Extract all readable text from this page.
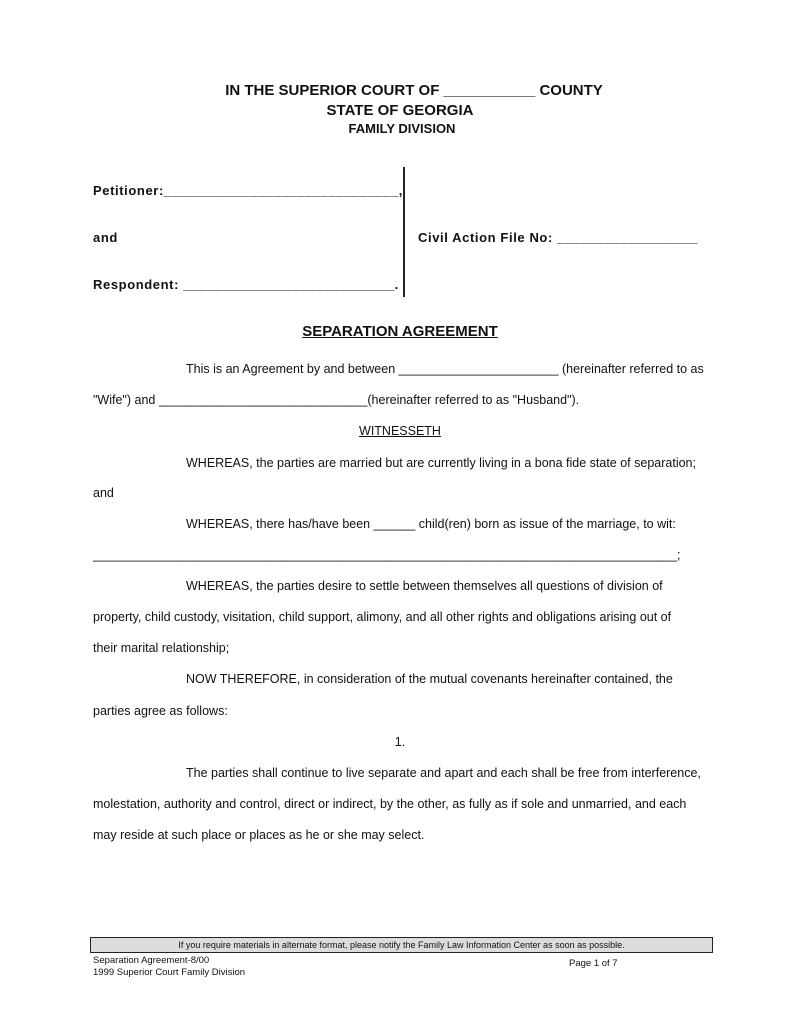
IN THE SUPERIOR COURT OF ___________ COUNTY
STATE OF GEORGIA
FAMILY DIVISION
Petitioner:______________________________,
and
Respondent: ___________________________.
Civil Action File No: __________________
SEPARATION AGREEMENT
This is an Agreement by and between _______________________ (hereinafter referred to as
"Wife") and ______________________________(hereinafter referred to as "Husband").
WITNESSETH
WHEREAS, the parties are married but are currently living in a bona fide state of separation;
and
WHEREAS, there has/have been ______ child(ren) born as issue of the marriage, to wit:
____________________________________________________________________________________;
WHEREAS, the parties desire to settle between themselves all questions of division of
property, child custody, visitation, child support, alimony, and all other rights and obligations arising out of
their marital relationship;
NOW THEREFORE, in consideration of the mutual covenants hereinafter contained, the
parties agree as follows:
1.
The parties shall continue to live separate and apart and each shall be free from interference,
molestation, authority and control, direct or indirect, by the other, as fully as if sole and unmarried, and each
may reside at such place or places as he or she may select.
If you require materials in alternate format, please notify the Family Law Information Center as soon as possible.
Separation Agreement-8/00
1999 Superior Court Family Division
Page 1 of 7
